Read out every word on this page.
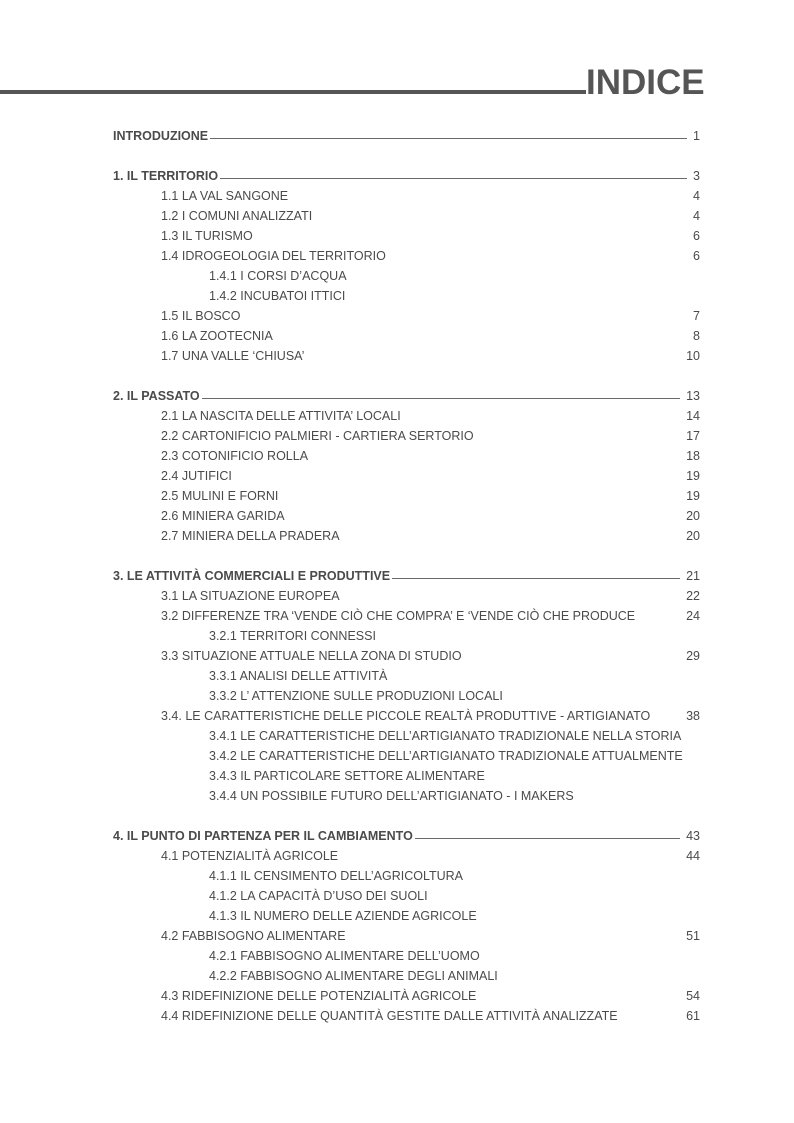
INDICE
INTRODUZIONE	1
1. IL TERRITORIO	3
1.1 LA VAL SANGONE	4
1.2 I COMUNI ANALIZZATI	4
1.3 IL TURISMO	6
1.4 IDROGEOLOGIA DEL TERRITORIO	6
1.4.1 I CORSI D’ACQUA
1.4.2 INCUBATOI ITTICI
1.5 IL BOSCO	7
1.6 LA ZOOTECNIA	8
1.7 UNA VALLE ‘CHIUSA’	10
2. IL PASSATO	13
2.1 LA NASCITA DELLE ATTIVITA’ LOCALI	14
2.2 CARTONIFICIO PALMIERI - CARTIERA SERTORIO	17
2.3 COTONIFICIO ROLLA	18
2.4 JUTIFICI	19
2.5 MULINI E FORNI	19
2.6 MINIERA GARIDA	20
2.7 MINIERA DELLA PRADERA	20
3. LE ATTIVITÀ COMMERCIALI E PRODUTTIVE	21
3.1 LA SITUAZIONE EUROPEA	22
3.2 DIFFERENZE TRA ‘VENDE CIÒ CHE COMPRA’ E ‘VENDE CIÒ CHE PRODUCE	24
3.2.1 TERRITORI CONNESSI
3.3 SITUAZIONE ATTUALE NELLA ZONA DI STUDIO	29
3.3.1 ANALISI DELLE ATTIVITÀ
3.3.2 L’ ATTENZIONE SULLE PRODUZIONI LOCALI
3.4. LE CARATTERISTICHE DELLE PICCOLE REALTÀ PRODUTTIVE - ARTIGIANATO	38
3.4.1 LE CARATTERISTICHE DELL’ARTIGIANATO TRADIZIONALE NELLA STORIA
3.4.2 LE CARATTERISTICHE DELL’ARTIGIANATO TRADIZIONALE ATTUALMENTE
3.4.3 IL PARTICOLARE SETTORE ALIMENTARE
3.4.4 UN POSSIBILE FUTURO DELL’ARTIGIANATO - I MAKERS
4. IL PUNTO DI PARTENZA PER IL CAMBIAMENTO	43
4.1 POTENZIALITÀ AGRICOLE	44
4.1.1 IL CENSIMENTO DELL’AGRICOLTURA
4.1.2 LA CAPACITÀ D’USO DEI SUOLI
4.1.3 IL NUMERO DELLE AZIENDE AGRICOLE
4.2 FABBISOGNO ALIMENTARE	51
4.2.1 FABBISOGNO ALIMENTARE DELL’UOMO
4.2.2 FABBISOGNO ALIMENTARE DEGLI ANIMALI
4.3 RIDEFINIZIONE DELLE POTENZIALITÀ AGRICOLE	54
4.4 RIDEFINIZIONE DELLE QUANTITÀ GESTITE DALLE ATTIVITÀ ANALIZZATE	61
